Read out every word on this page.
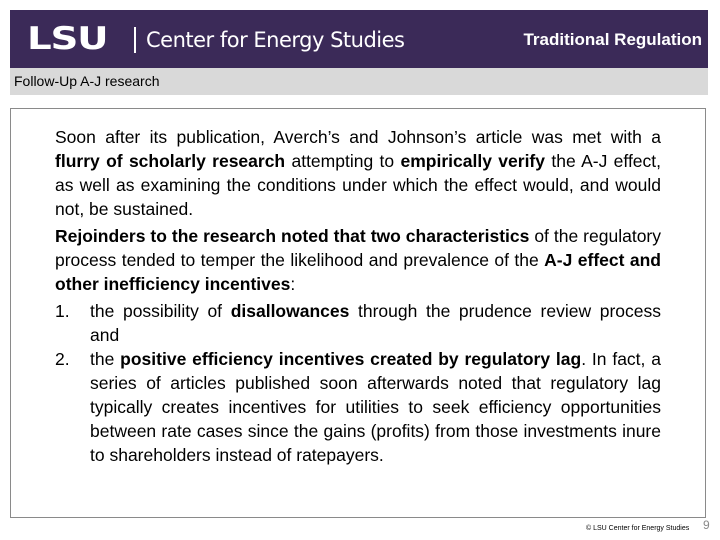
LSU Center for Energy Studies	Traditional Regulation
Follow-Up A-J research

Soon after its publication, Averch’s and Johnson’s article was met with a flurry of scholarly research attempting to empirically verify the A-J effect, as well as examining the conditions under which the effect would, and would not, be sustained.

Rejoinders to the research noted that two characteristics of the regulatory process tended to temper the likelihood and prevalence of the A-J effect and other inefficiency incentives:

1. the possibility of disallowances through the prudence review process and
2. the positive efficiency incentives created by regulatory lag. In fact, a series of articles published soon afterwards noted that regulatory lag typically creates incentives for utilities to seek efficiency opportunities between rate cases since the gains (profits) from those investments inure to shareholders instead of ratepayers.
© LSU Center for Energy Studies 9
